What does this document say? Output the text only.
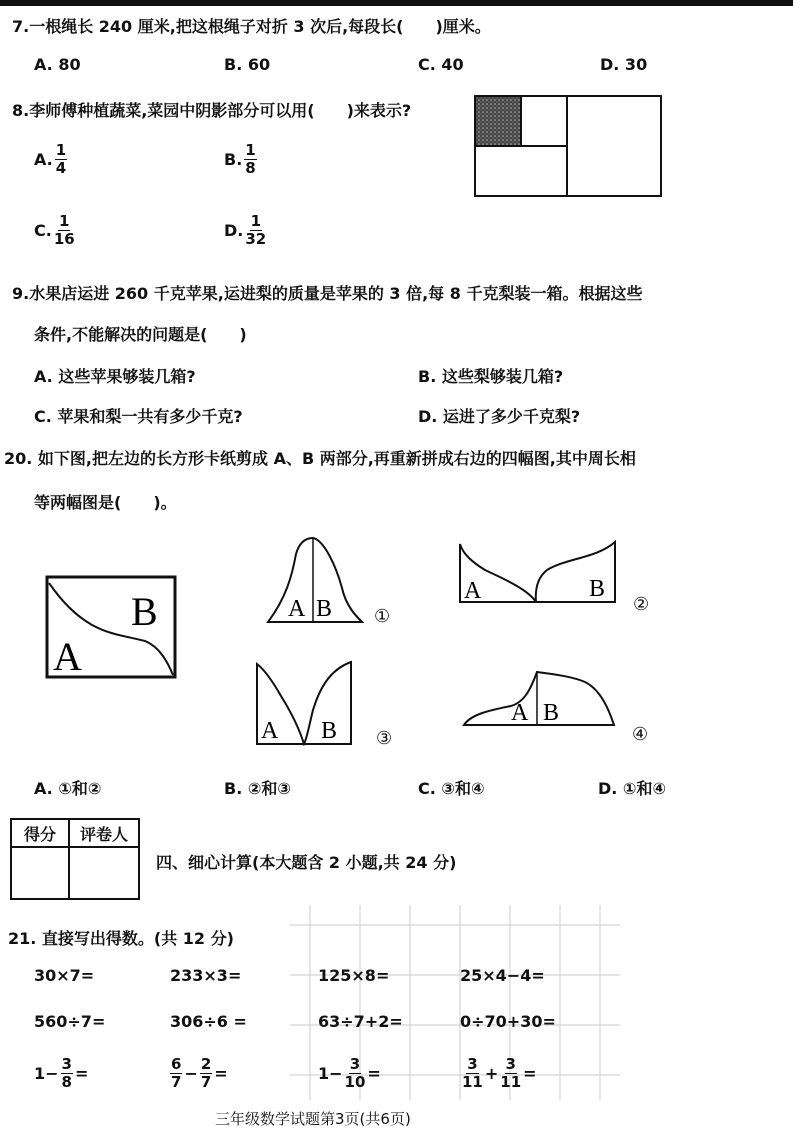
7.一根绳长 240 厘米,把这根绳子对折 3 次后,每段长(　　)厘米。
A. 80	B. 60	C. 40	D. 30
8.李师傅种植蔬菜,菜园中阴影部分可以用(　　)来表示?
A. $\frac{1}{4}$	B. $\frac{1}{8}$
C. $\frac{1}{16}$	D. $\frac{1}{32}$
9.水果店运进 260 千克苹果,运进梨的质量是苹果的 3 倍,每 8 千克梨装一箱。根据这些
条件,不能解决的问题是(　　)
A. 这些苹果够装几箱?	B. 这些梨够装几箱?
C. 苹果和梨一共有多少千克?	D. 运进了多少千克梨?
20. 如下图,把左边的长方形卡纸剪成 A、B 两部分,再重新拼成右边的四幅图,其中周长相
等两幅图是(　　)。
A
B	A B ①
A	B
②
A B ③
A B
④
A. ①和②	B. ②和③	C. ③和④	D. ①和④
得分	评卷人

四、细心计算(本大题含 2 小题,共 24 分)
21. 直接写出得数。(共 12 分)
30×7=	233×3=	125×8=	25×4−4=
560÷7=	306÷6 =	63÷7+2=	0÷70+30=
$1- \frac{3}{8}$ =	$\frac{6}{7} - \frac{2}{7}$ =	$1- \frac{3}{10}$ =	$\frac{3}{11} + \frac{3}{11}$ =
三年级数学试题第3页(共6页)
